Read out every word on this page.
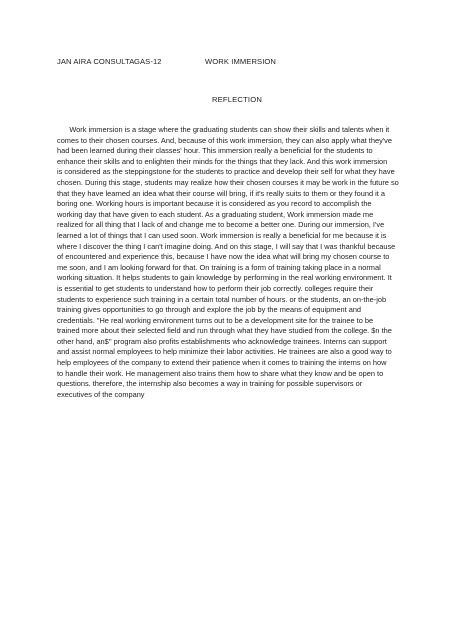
JAN AIRA CONSULTAGAS-12	WORK IMMERSION
REFLECTION
Work immersion is a stage where the graduating students can show their skills and talents when it
comes to their chosen courses. And, because of this work immersion, they can also apply what they've
had been learned during their classes' hour. This immersion really a beneficial for the students to
enhance their skills and to enlighten their minds for the things that they lack. And this work immersion
is considered as the steppingstone for the students to practice and develop their self for what they have
chosen. During this stage, students may realize how their chosen courses it may be work in the future so
that they have learned an idea what their course will bring, if it's really suits to them or they found it a
boring one. Working hours is important because it is considered as you record to accomplish the
working day that have given to each student. As a graduating student, Work immersion made me
realized for all thing that I lack of and change me to become a better one. During our immersion, I've
learned a lot of things that I can used soon. Work immersion is really a beneficial for me because it is
where I discover the thing I can't imagine doing. And on this stage, I will say that I was thankful because
of encountered and experience this, because I have now the idea what will bring my chosen course to
me soon, and I am looking forward for that. On training is a form of training taking place in a normal
working situation. It helps students to gain knowledge by performing in the real working environment. It
is essential to get students to understand how to perform their job correctly. colleges require their
students to experience such training in a certain total number of hours. or the students, an on-the-job
training gives opportunities to go through and explore the job by the means of equipment and
credentials. "He real working environment turns out to be a development site for the trainee to be
trained more about their selected field and run through what they have studied from the college. $n the
other hand, an$'' program also profits establishments who acknowledge trainees. Interns can support
and assist normal employees to help minimize their labor activities. He trainees are also a good way to
help employees of the company to extend their patience when it comes to training the interns on how
to handle their work. He management also trains them how to share what they know and be open to
questions. therefore, the internship also becomes a way in training for possible supervisors or
executives of the company
